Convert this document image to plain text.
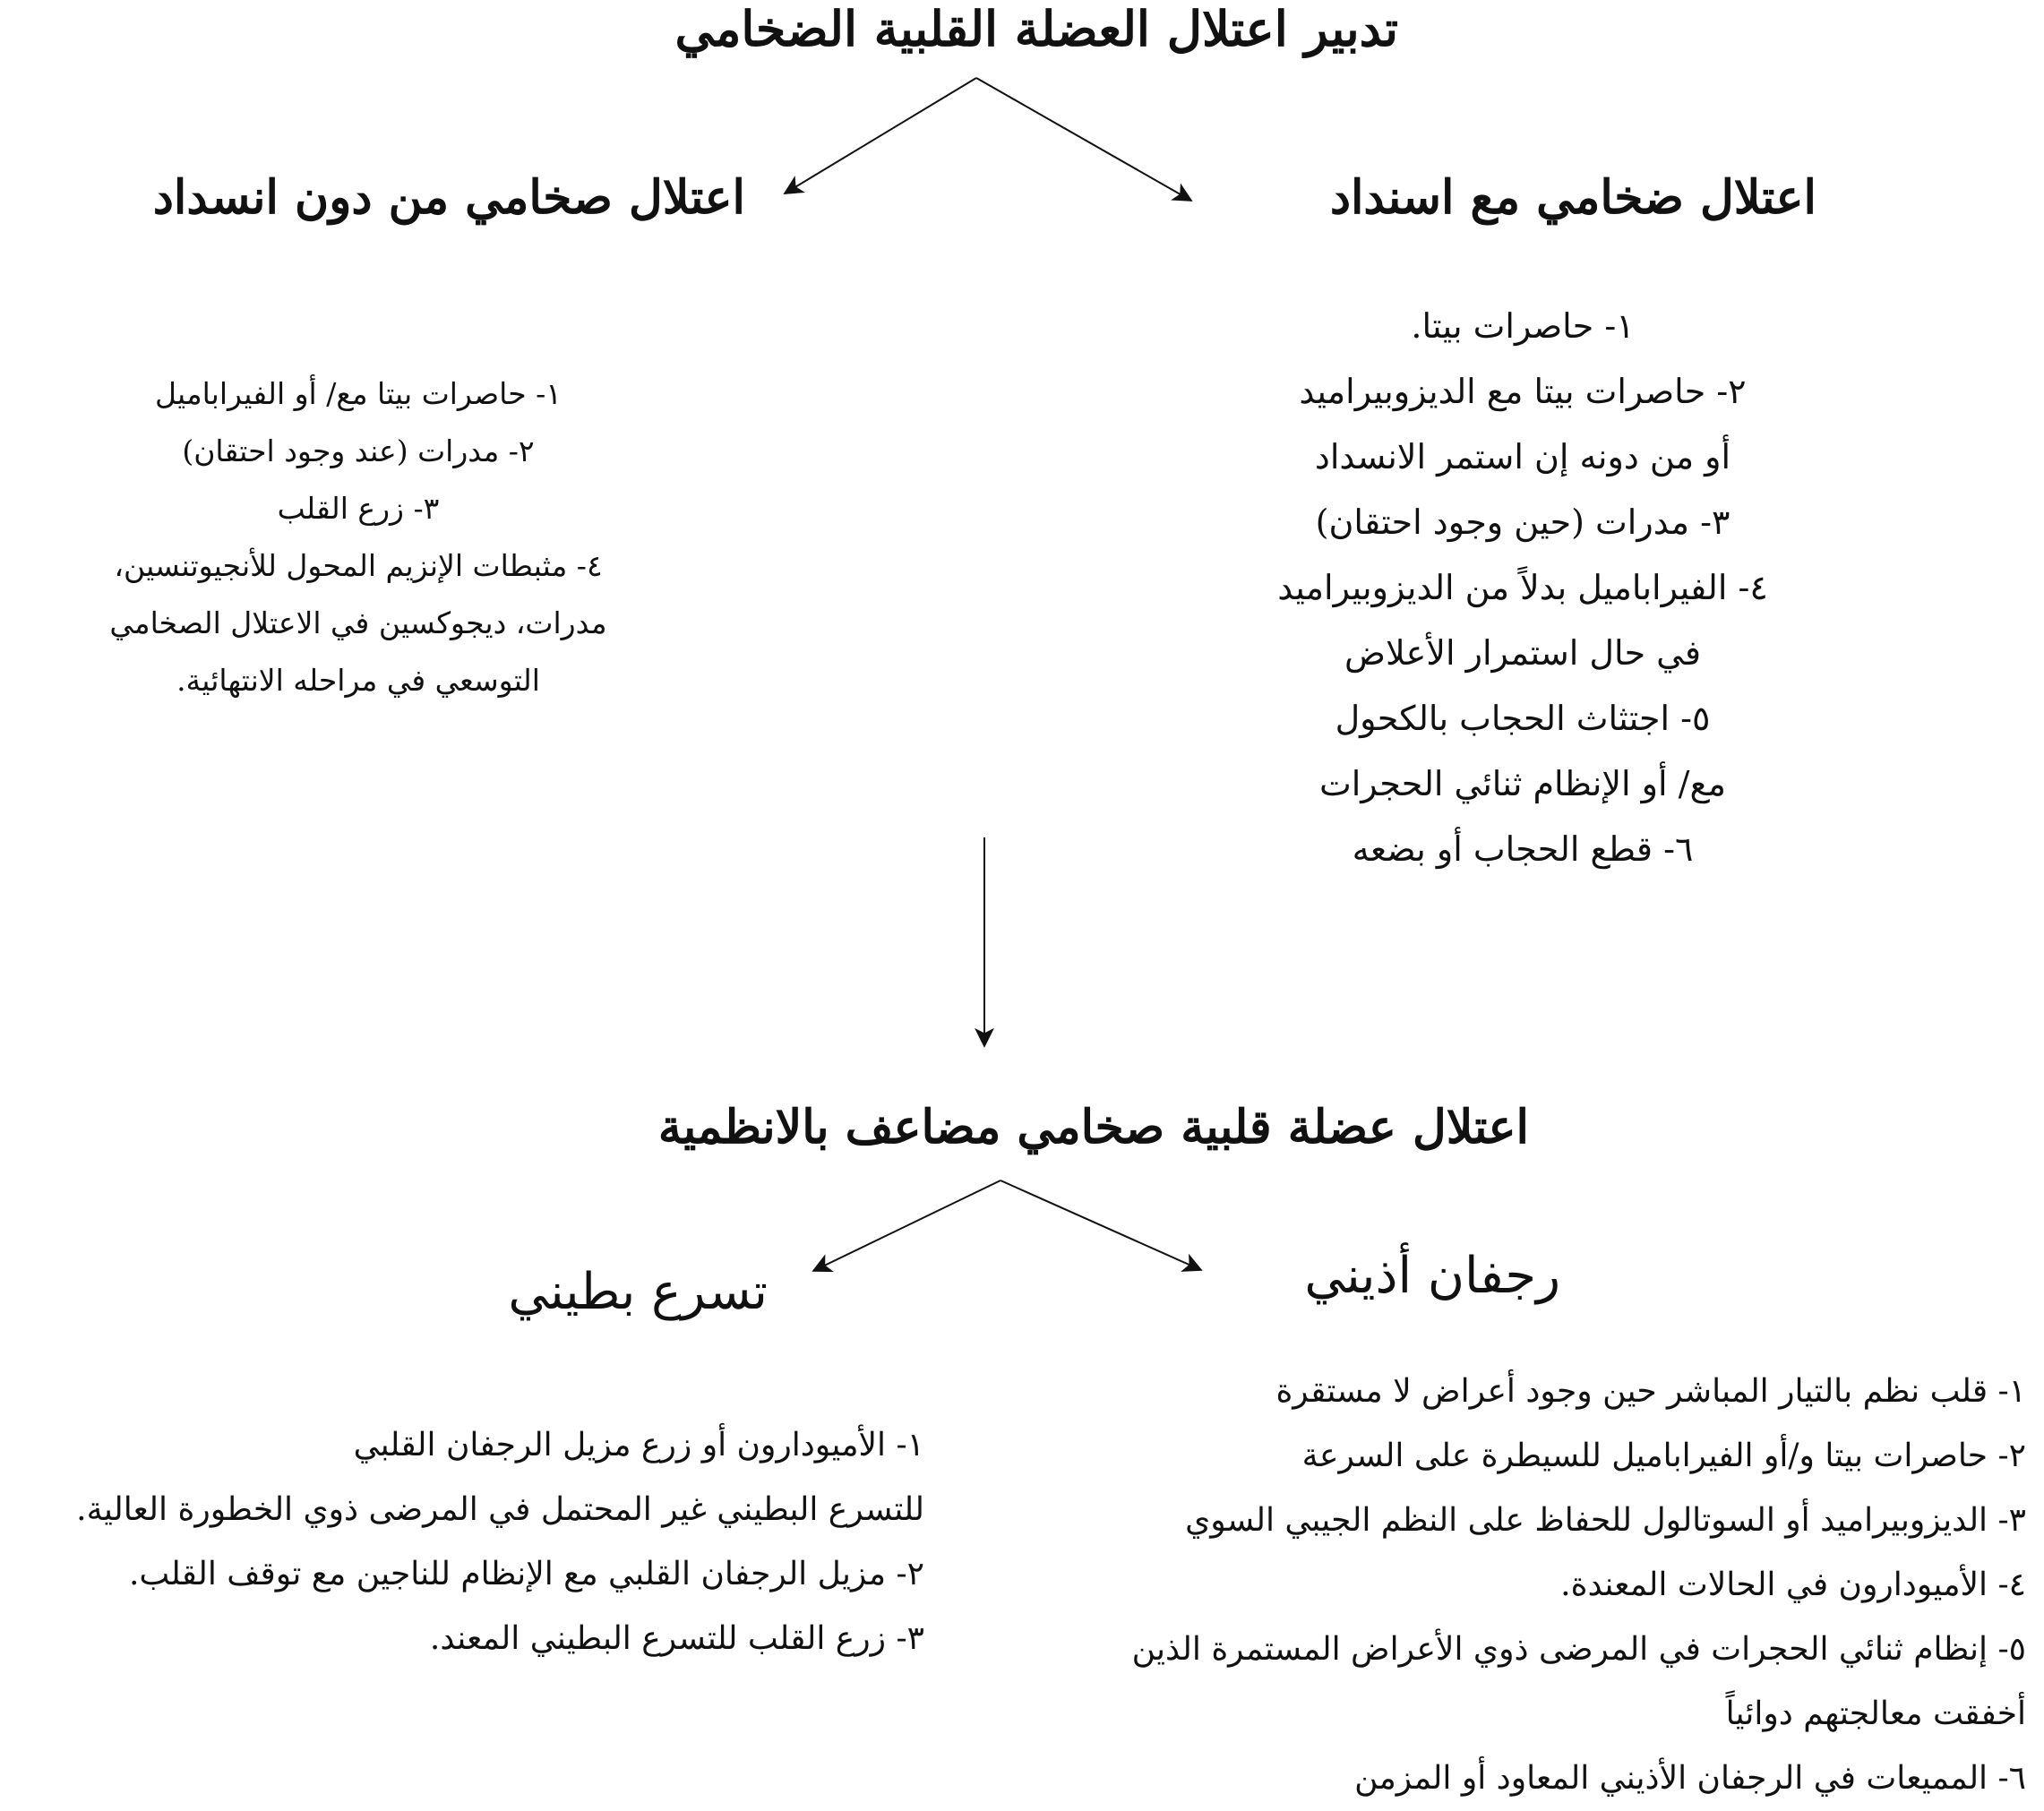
تدبير اعتلال العضلة القلبية الضخامي
اعتلال ضخامي مع اسنداد
اعتلال صخامي من دون انسداد
١- حاصرات بيتا.
٢- حاصرات بيتا مع الديزوبيراميد
أو من دونه إن استمر الانسداد
٣- مدرات (حين وجود احتقان)
٤- الفيراباميل بدلاً من الديزوبيراميد
في حال استمرار الأعلاض
٥- اجتثاث الحجاب بالكحول
مع/ أو الإنظام ثنائي الحجرات
٦- قطع الحجاب أو بضعه
١- حاصرات بيتا مع/ أو الفيراباميل
٢- مدرات (عند وجود احتقان)
٣- زرع القلب
٤- مثبطات الإنزيم المحول للأنجيوتنسين،
مدرات، ديجوكسين في الاعتلال الصخامي
التوسعي في مراحله الانتهائية.
اعتلال عضلة قلبية صخامي مضاعف بالانظمية
رجفان أذيني
تسرع بطيني
١- قلب نظم بالتيار المباشر حين وجود أعراض لا مستقرة
٢- حاصرات بيتا و/أو الفيراباميل للسيطرة على السرعة
٣- الديزوبيراميد أو السوتالول للحفاظ على النظم الجيبي السوي
٤- الأميودارون في الحالات المعندة.
٥- إنظام ثنائي الحجرات في المرضى ذوي الأعراض المستمرة الذين
أخفقت معالجتهم دوائياً
٦- المميعات في الرجفان الأذيني المعاود أو المزمن
١- الأميودارون أو زرع مزيل الرجفان القلبي
للتسرع البطيني غير المحتمل في المرضى ذوي الخطورة العالية.
٢- مزيل الرجفان القلبي مع الإنظام للناجين مع توقف القلب.
٣- زرع القلب للتسرع البطيني المعند.
